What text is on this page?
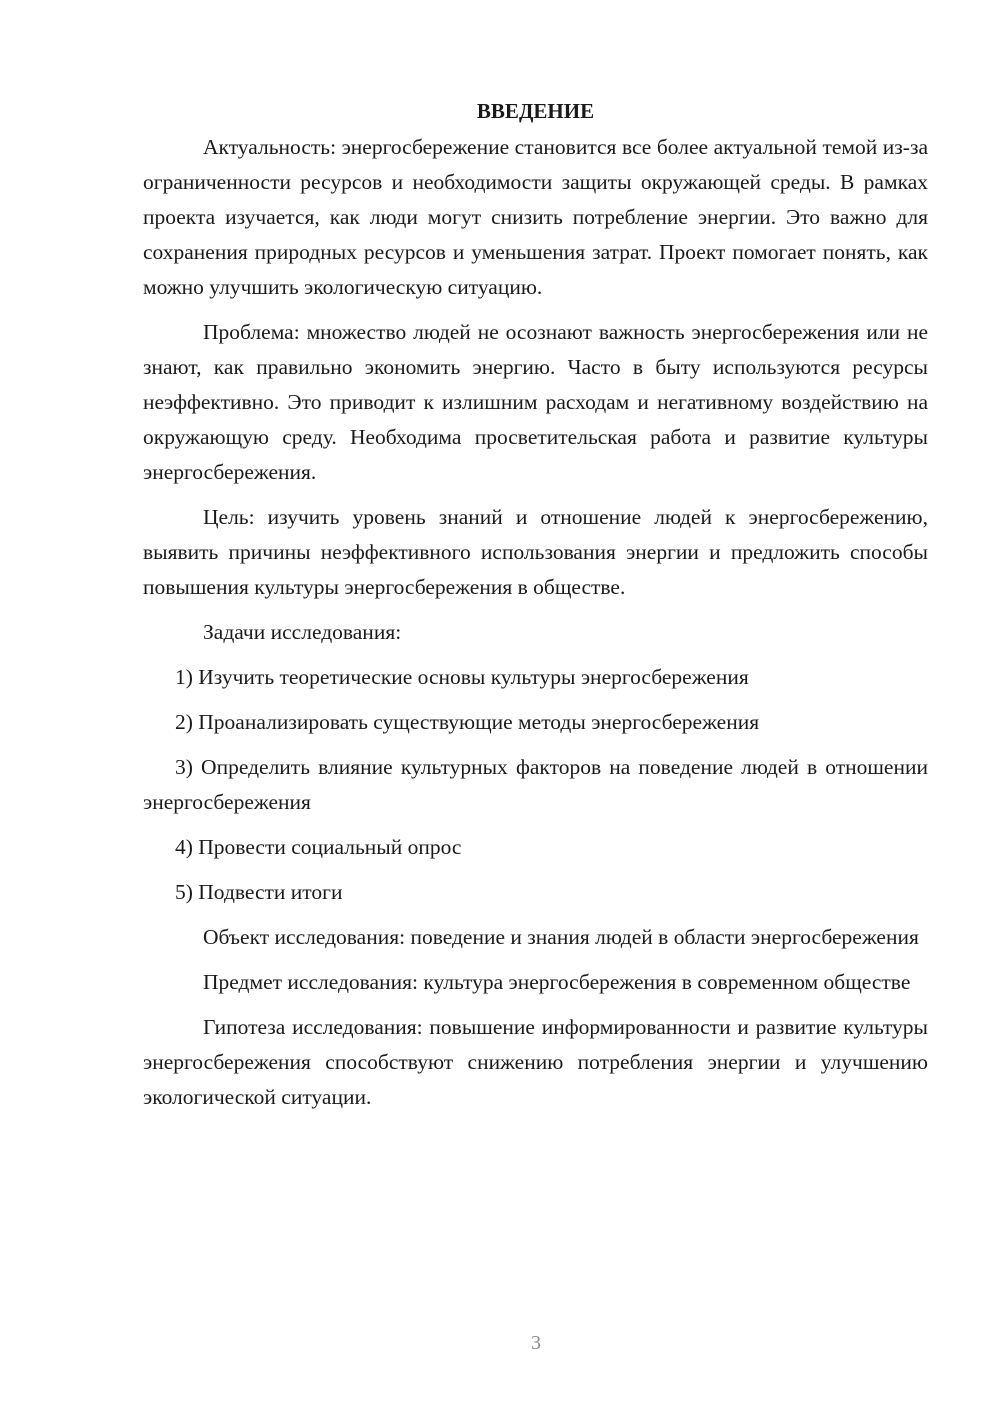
ВВЕДЕНИЕ

Актуальность: энергосбережение становится все более актуальной темой из-за ограниченности ресурсов и необходимости защиты окружающей среды. В рамках проекта изучается, как люди могут снизить потребление энергии. Это важно для сохранения природных ресурсов и уменьшения затрат. Проект помогает понять, как можно улучшить экологическую ситуацию.

Проблема: множество людей не осознают важность энергосбережения или не знают, как правильно экономить энергию. Часто в быту используются ресурсы неэффективно. Это приводит к излишним расходам и негативному воздействию на окружающую среду. Необходима просветительская работа и развитие культуры энергосбережения.

Цель: изучить уровень знаний и отношение людей к энергосбережению, выявить причины неэффективного использования энергии и предложить способы повышения культуры энергосбережения в обществе.

Задачи исследования:

1) Изучить теоретические основы культуры энергосбережения

2) Проанализировать существующие методы энергосбережения

3) Определить влияние культурных факторов на поведение людей в отношении энергосбережения

4) Провести социальный опрос

5) Подвести итоги

Объект исследования: поведение и знания людей в области энергосбережения

Предмет исследования: культура энергосбережения в современном обществе

Гипотеза исследования: повышение информированности и развитие культуры энергосбережения способствуют снижению потребления энергии и улучшению экологической ситуации.

3
